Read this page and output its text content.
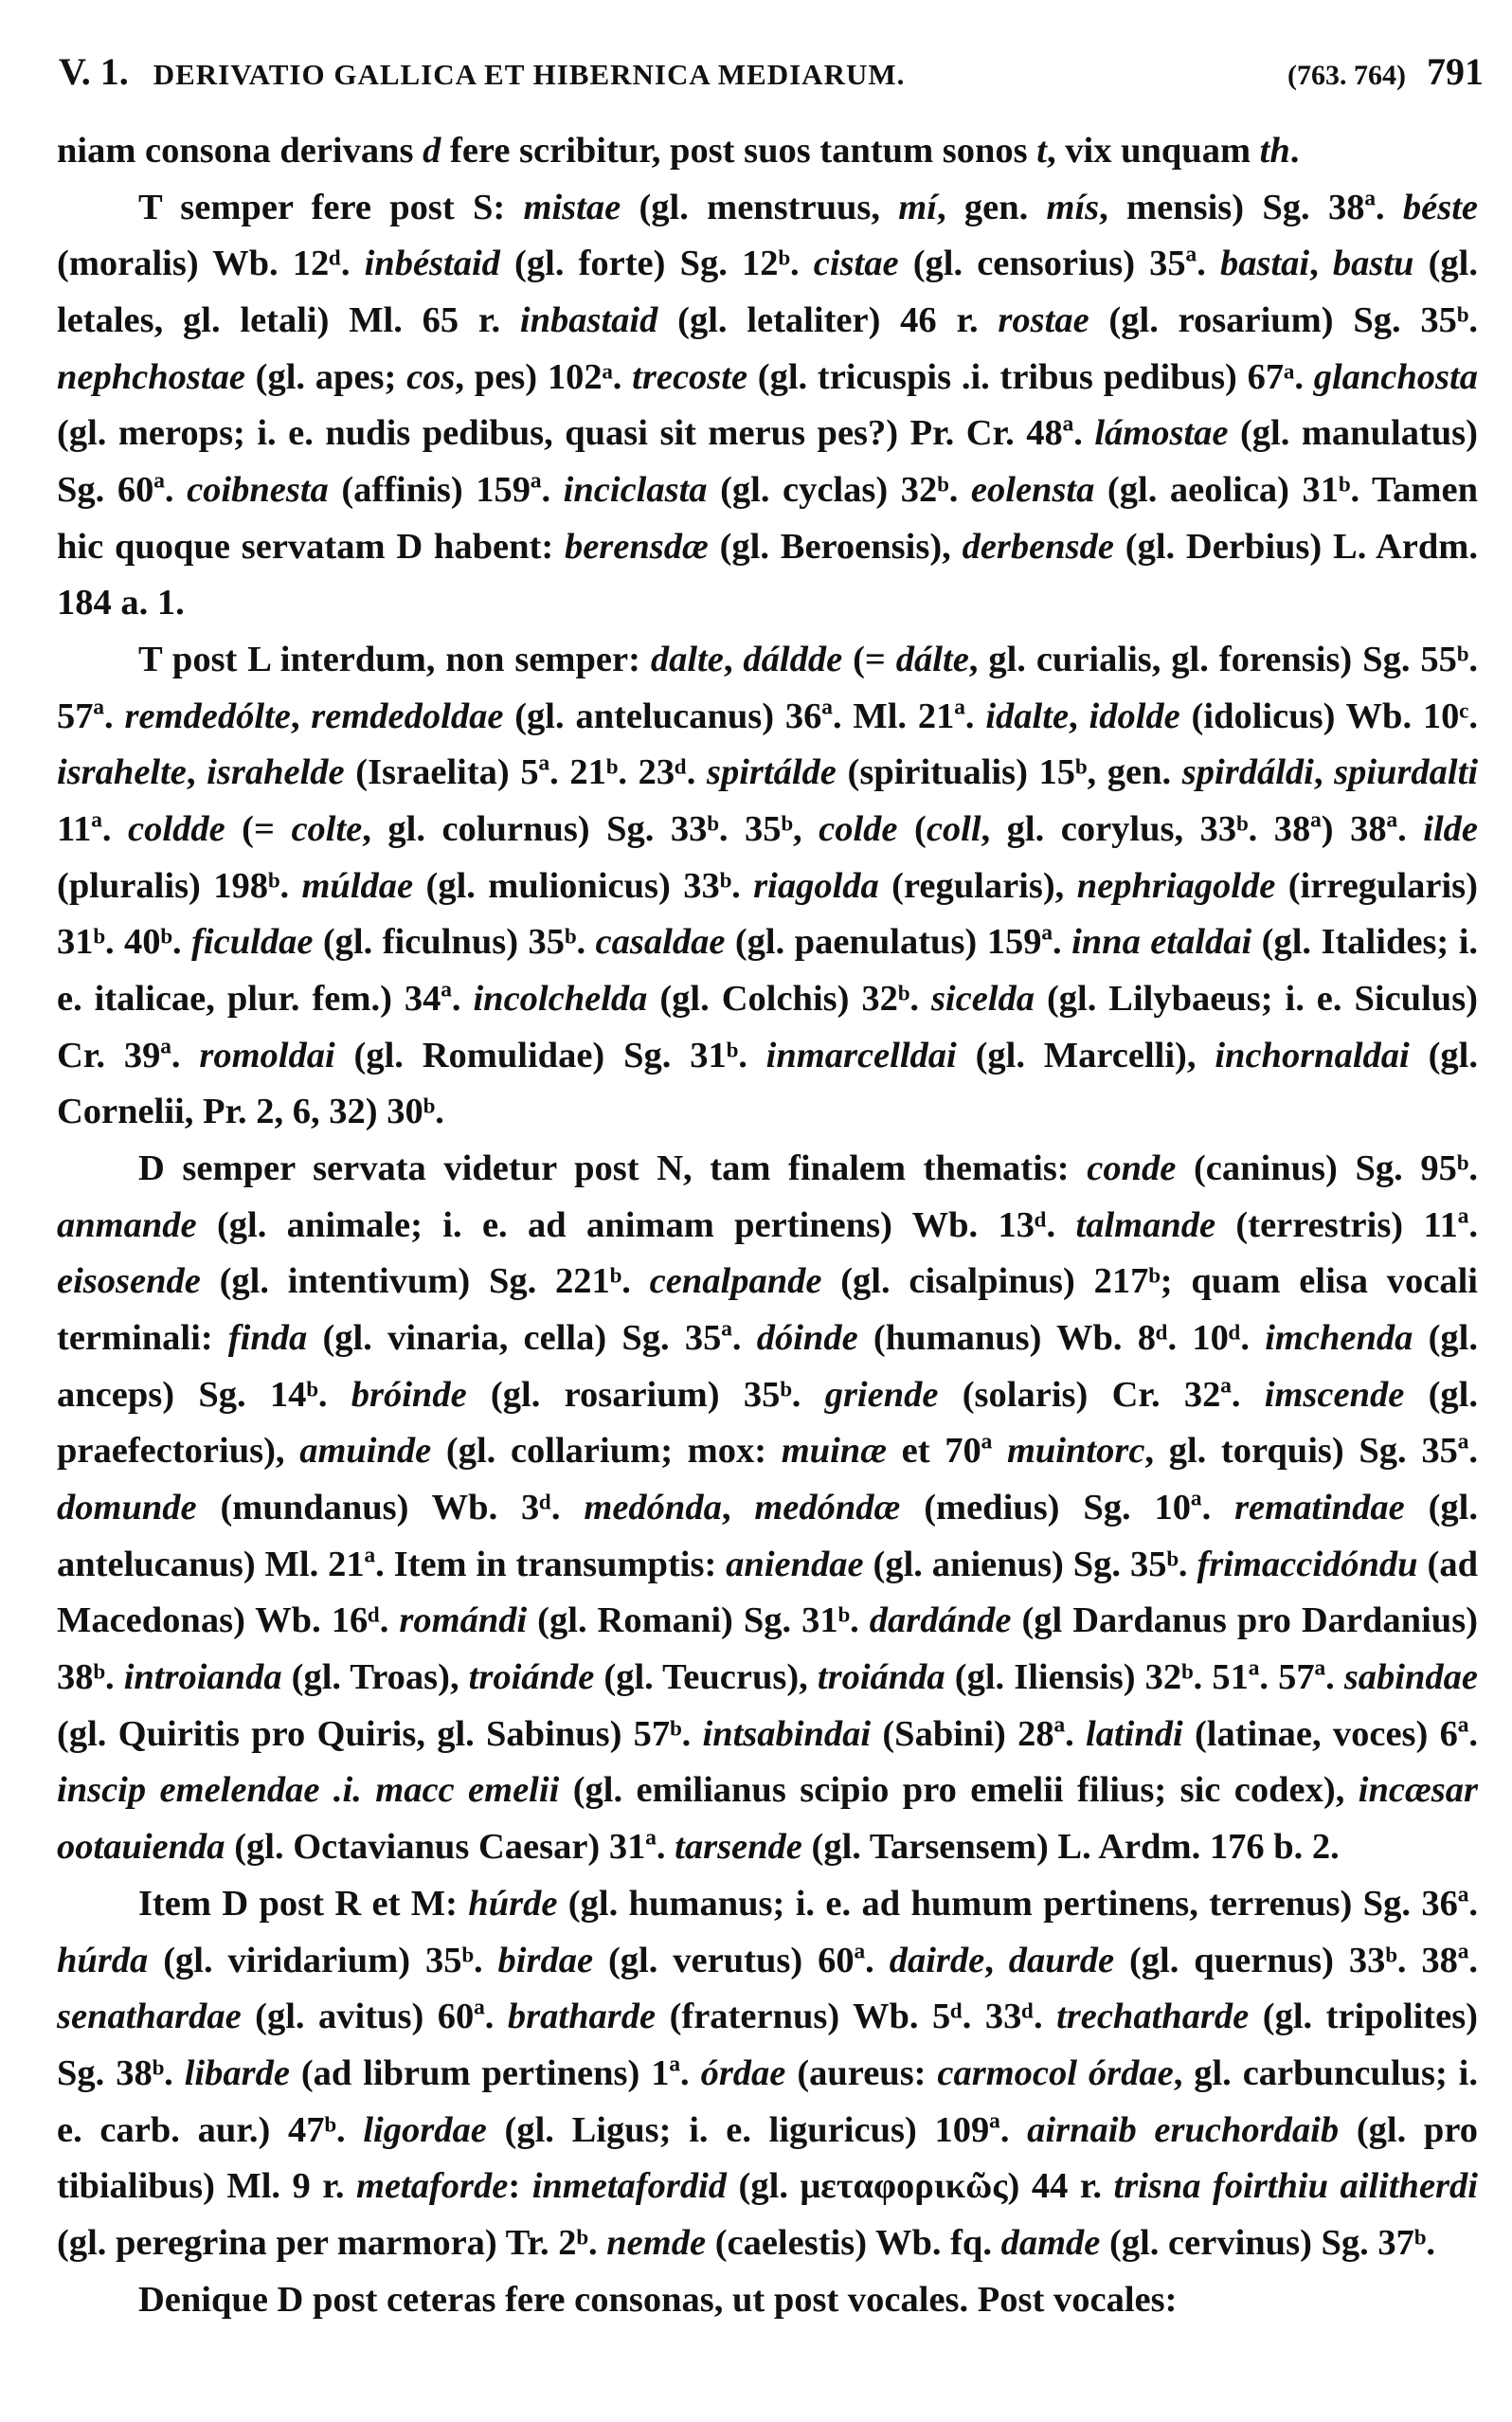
V. 1. DERIVATIO GALLICA ET HIBERNICA MEDIARUM.	(763. 764) 791

niam consona derivans d fere scribitur, post suos tantum sonos t, vix unquam th.

T semper fere post S: mistae (gl. menstruus, mí, gen. mís, mensis) Sg. 38ª. béste (moralis) Wb. 12ᵈ. inbéstaid (gl. forte) Sg. 12ᵇ. cistae (gl. censorius) 35ª. bastai, bastu (gl. letales, gl. letali) Ml. 65 r. inbastaid (gl. letaliter) 46 r. rostae (gl. rosarium) Sg. 35ᵇ. nephchostae (gl. apes; cos, pes) 102ᵃ. trecoste (gl. tricuspis .i. tribus pedibus) 67ᵃ. glanchosta (gl. merops; i. e. nudis pedibus, quasi sit merus pes?) Pr. Cr. 48ª. lámostae (gl. manulatus) Sg. 60ª. coibnesta (affinis) 159ª. inciclasta (gl. cyclas) 32ᵇ. eolensta (gl. aeolica) 31ᵇ. Tamen hic quoque servatam D habent: berensdæ (gl. Beroensis), derbensde (gl. Derbius) L. Ardm. 184 a. 1.

T post L interdum, non semper: dalte, dáldde (= dálte, gl. curialis, gl. forensis) Sg. 55ᵇ. 57ª. remdedólte, remdedoldae (gl. antelucanus) 36ª. Ml. 21ª. idalte, idolde (idolicus) Wb. 10ᶜ. israhelte, israhelde (Israelita) 5ª. 21ᵇ. 23ᵈ. spirtálde (spiritualis) 15ᵇ, gen. spirdáldi, spiurdalti 11ª. coldde (= colte, gl. colurnus) Sg. 33ᵇ. 35ᵇ, colde (coll, gl. corylus, 33ᵇ. 38ª) 38ª. ilde (pluralis) 198ᵇ. múldae (gl. mulionicus) 33ᵇ. riagolda (regularis), nephriagolde (irregularis) 31ᵇ. 40ᵇ. ficuldae (gl. ficulnus) 35ᵇ. casaldae (gl. paenulatus) 159ª. inna etaldai (gl. Italides; i. e. italicae, plur. fem.) 34ª. incolchelda (gl. Colchis) 32ᵇ. sicelda (gl. Lilybaeus; i. e. Siculus) Cr. 39ª. romoldai (gl. Romulidae) Sg. 31ᵇ. inmarcelldai (gl. Marcelli), inchornaldai (gl. Cornelii, Pr. 2, 6, 32) 30ᵇ.

D semper servata videtur post N, tam finalem thematis: conde (caninus) Sg. 95ᵇ. anmande (gl. animale; i. e. ad animam pertinens) Wb. 13ᵈ. talmande (terrestris) 11ª. eisosende (gl. intentivum) Sg. 221ᵇ. cenalpande (gl. cisalpinus) 217ᵇ; quam elisa vocali terminali: finda (gl. vinaria, cella) Sg. 35ª. dóinde (humanus) Wb. 8ᵈ. 10ᵈ. imchenda (gl. anceps) Sg. 14ᵇ. bróinde (gl. rosarium) 35ᵇ. griende (solaris) Cr. 32ª. imscende (gl. praefectorius), amuinde (gl. collarium; mox: muinæ et 70ª muintorc, gl. torquis) Sg. 35ª. domunde (mundanus) Wb. 3ᵈ. medónda, medóndæ (medius) Sg. 10ª. rematindae (gl. antelucanus) Ml. 21ª. Item in transumptis: aniendae (gl. anienus) Sg. 35ᵇ. frimaccidóndu (ad Macedonas) Wb. 16ᵈ. romándi (gl. Romani) Sg. 31ᵇ. dardánde (gl Dardanus pro Dardanius) 38ᵇ. introianda (gl. Troas), troiánde (gl. Teucrus), troiánda (gl. Iliensis) 32ᵇ. 51ª. 57ª. sabindae (gl. Quiritis pro Quiris, gl. Sabinus) 57ᵇ. intsabindai (Sabini) 28ª. latindi (latinae, voces) 6ª. inscip emelendae .i. macc emelii (gl. emilianus scipio pro emelii filius; sic codex), incæsar ootauienda (gl. Octavianus Caesar) 31ª. tarsende (gl. Tarsensem) L. Ardm. 176 b. 2.

Item D post R et M: húrde (gl. humanus; i. e. ad humum pertinens, terrenus) Sg. 36ª. húrda (gl. viridarium) 35ᵇ. birdae (gl. verutus) 60ª. dairde, daurde (gl. quernus) 33ᵇ. 38ª. senathardae (gl. avitus) 60ª. bratharde (fraternus) Wb. 5ᵈ. 33ᵈ. trechatharde (gl. tripolites) Sg. 38ᵇ. libarde (ad librum pertinens) 1ª. órdae (aureus: carmocol órdae, gl. carbunculus; i. e. carb. aur.) 47ᵇ. ligordae (gl. Ligus; i. e. liguricus) 109ª. airnaib eruchordaib (gl. pro tibialibus) Ml. 9 r. metaforde: inmetafordid (gl. μεταφορικῶς) 44 r. trisna foirthiu ailitherdi (gl. peregrina per marmora) Tr. 2ᵇ. nemde (caelestis) Wb. fq. damde (gl. cervinus) Sg. 37ᵇ.

Denique D post ceteras fere consonas, ut post vocales. Post vocales:
